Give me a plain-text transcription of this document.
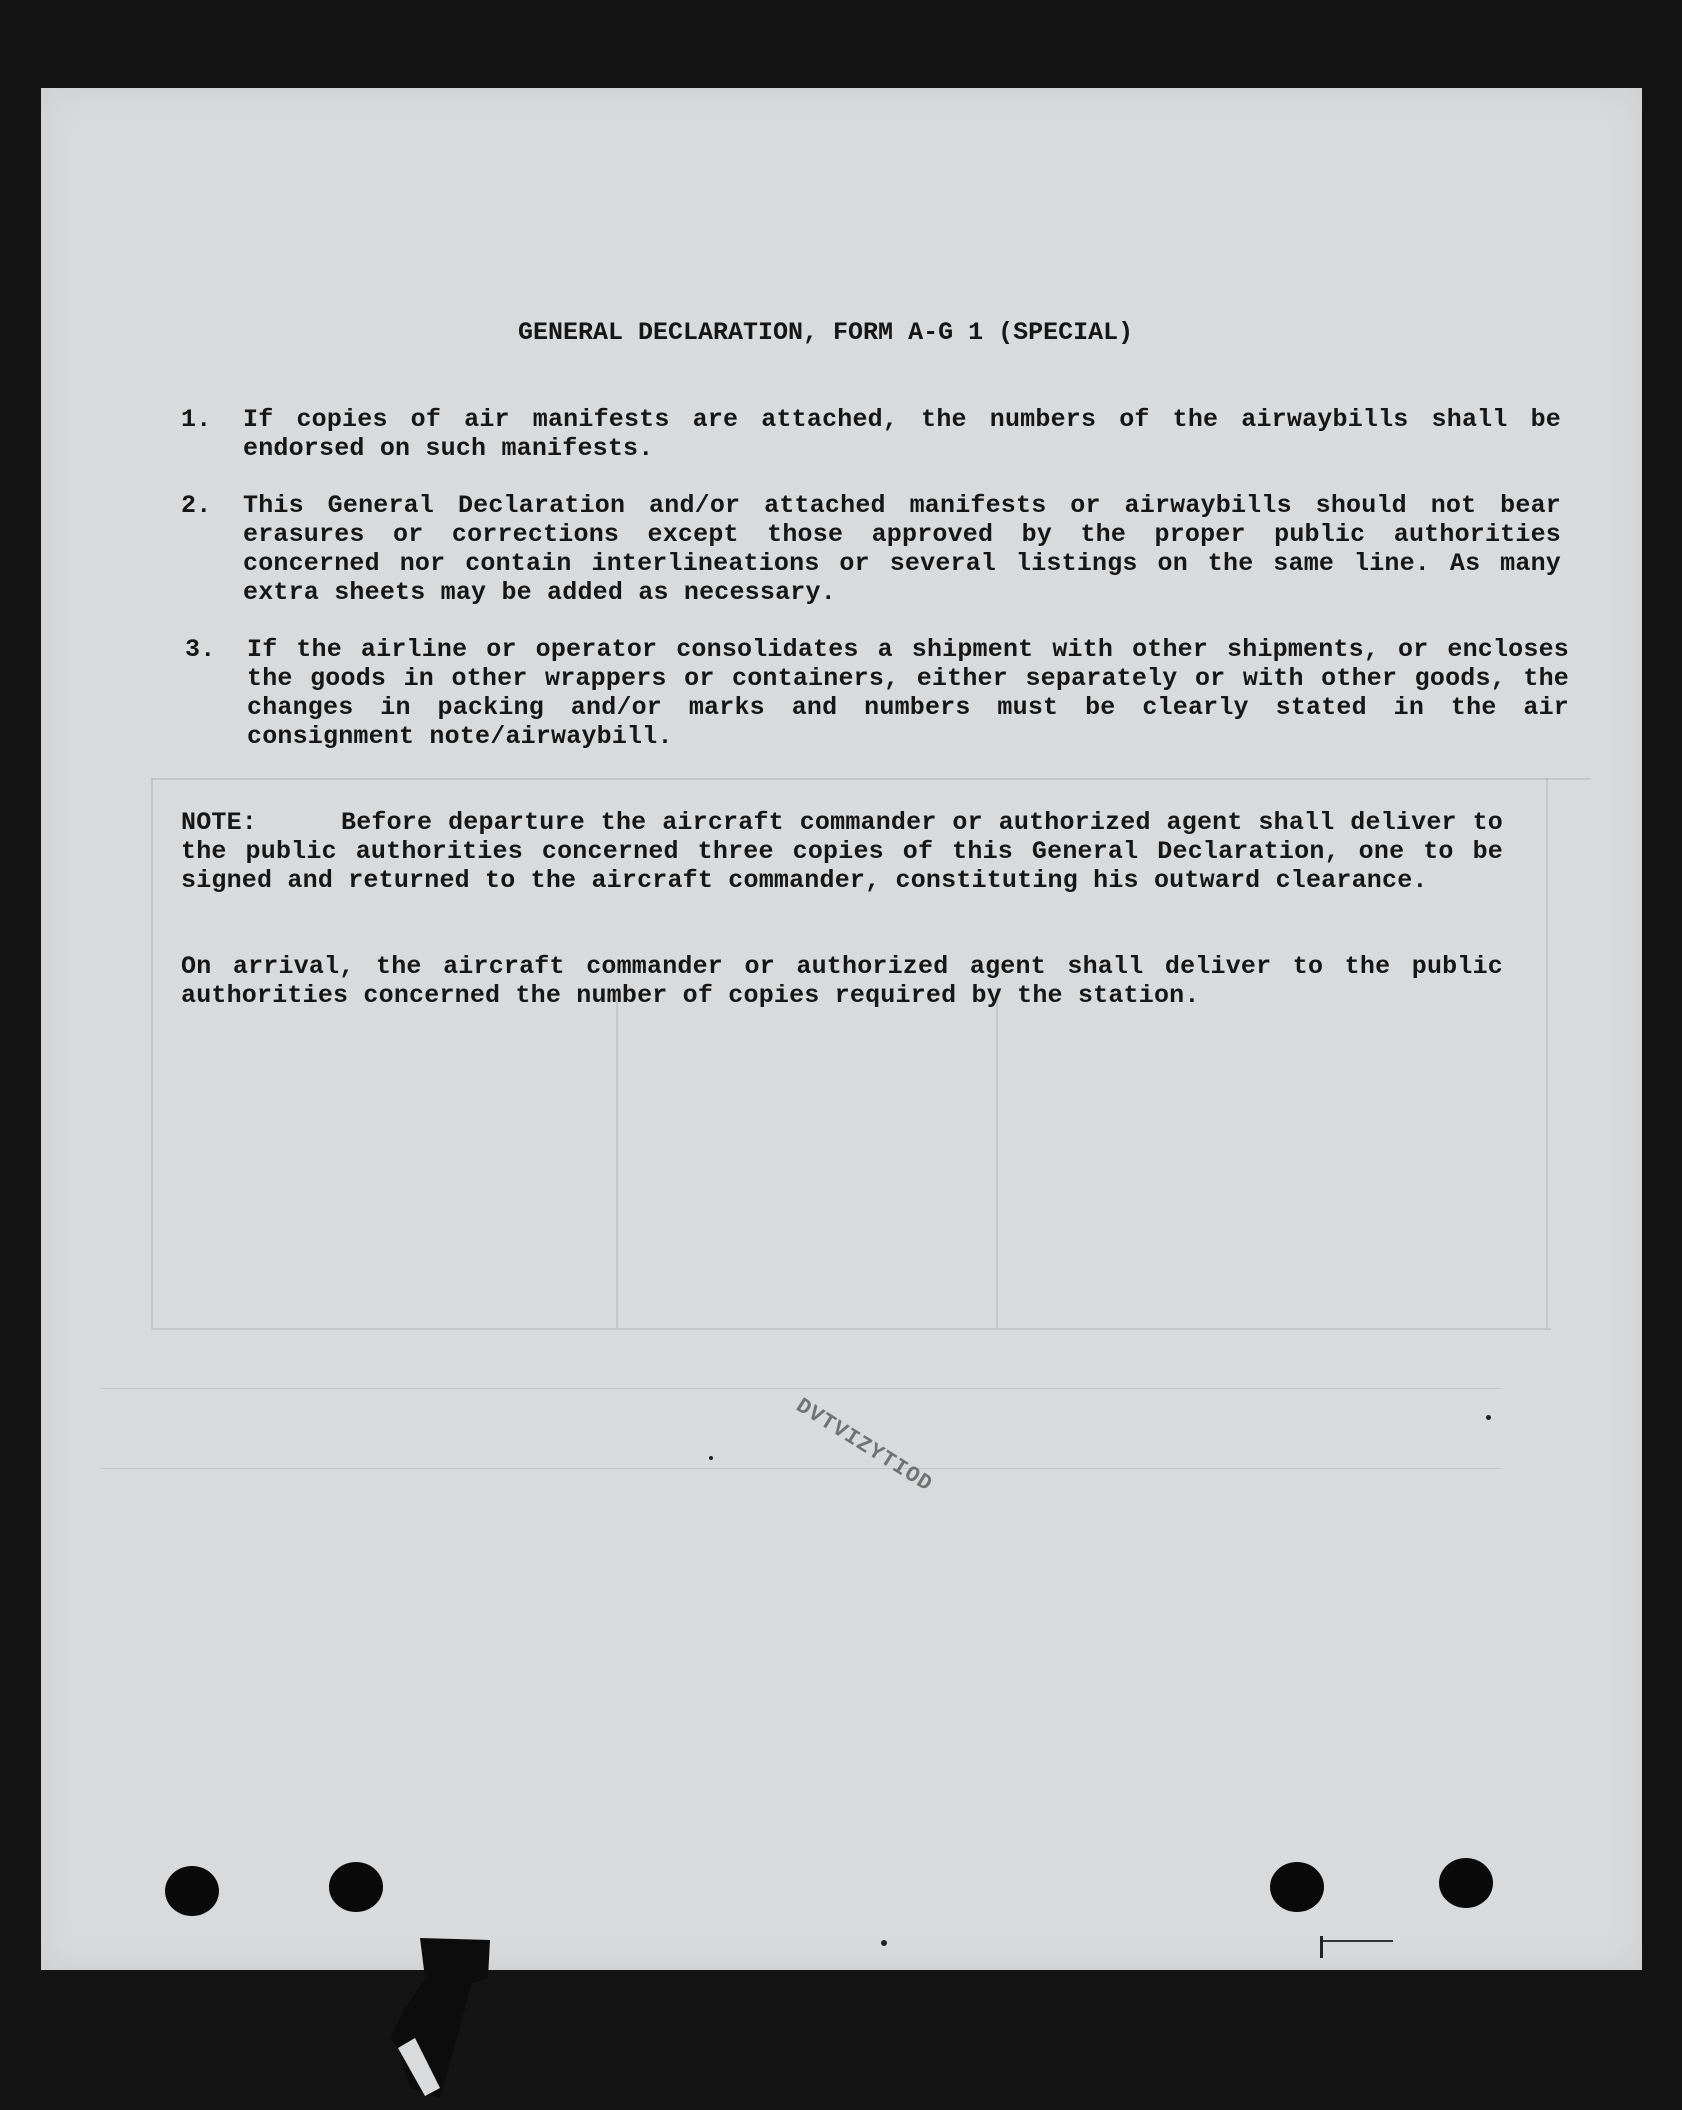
GENERAL DECLARATION, FORM A-G 1 (SPECIAL)
1.	If copies of air manifests are attached, the numbers of the airwaybills shall be endorsed on such manifests.
2.	This General Declaration and/or attached manifests or airwaybills should not bear erasures or corrections except those approved by the proper public authorities concerned nor contain interlineations or several listings on the same line. As many extra sheets may be added as necessary.
3.	If the airline or operator consolidates a shipment with other shipments, or encloses the goods in other wrappers or containers, either separately or with other goods, the changes in packing and/or marks and numbers must be clearly stated in the air consignment note/airwaybill.
NOTE:	Before departure the aircraft commander or authorized agent shall deliver to the public authorities concerned three copies of this General Declaration, one to be signed and returned to the aircraft commander, constituting his outward clearance.
On arrival, the aircraft commander or authorized agent shall deliver to the public authorities concerned the number of copies required by the station.
DVTVIZYTIOD
